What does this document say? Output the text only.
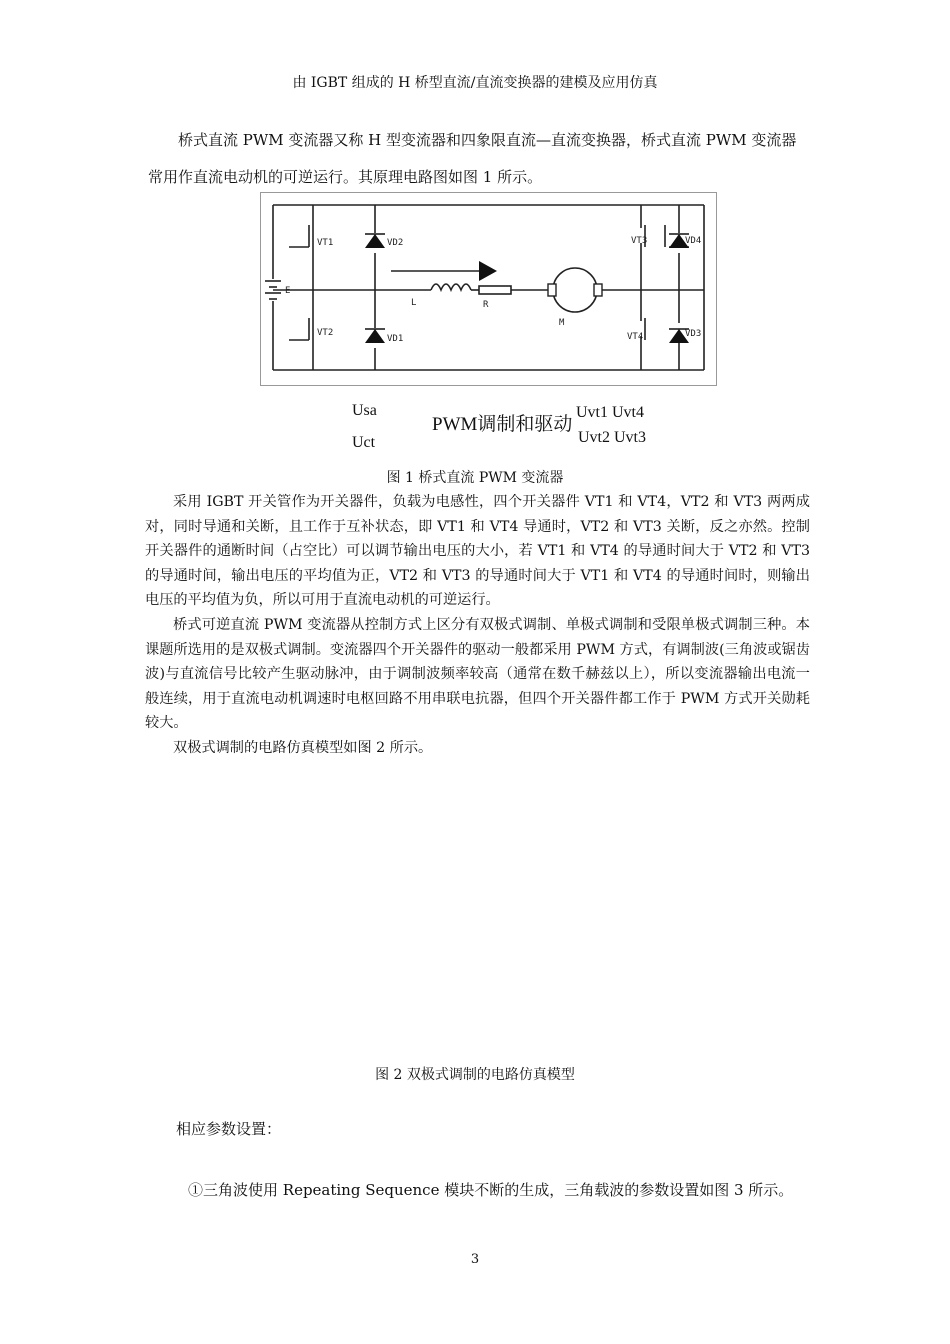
由 IGBT 组成的 H 桥型直流/直流变换器的建模及应用仿真
桥式直流 PWM 变流器又称 H 型变流器和四象限直流—直流变换器，桥式直流 PWM 变流器常用作直流电动机的可逆运行。其原理电路图如图 1 所示。
VT1
VT2
VT3
VT4
VD2
VD1
VD4
VD3
E
L	R
M
Usa
Uct
PWM调制和驱动
Uvt1 Uvt4
Uvt2 Uvt3
图 1 桥式直流 PWM 变流器

采用 IGBT 开关管作为开关器件，负载为电感性，四个开关器件 VT1 和 VT4，VT2 和 VT3 两两成对，同时导通和关断，且工作于互补状态，即 VT1 和 VT4 导通时，VT2 和 VT3 关断，反之亦然。控制开关器件的通断时间（占空比）可以调节输出电压的大小，若 VT1 和 VT4 的导通时间大于 VT2 和 VT3 的导通时间，输出电压的平均值为正，VT2 和 VT3 的导通时间大于 VT1 和 VT4 的导通时间时，则输出电压的平均值为负，所以可用于直流电动机的可逆运行。

桥式可逆直流 PWM 变流器从控制方式上区分有双极式调制、单极式调制和受限单极式调制三种。本课题所选用的是双极式调制。变流器四个开关器件的驱动一般都采用 PWM 方式，有调制波(三角波或锯齿波)与直流信号比较产生驱动脉冲，由于调制波频率较高（通常在数千赫兹以上），所以变流器输出电流一般连续，用于直流电动机调速时电枢回路不用串联电抗器，但四个开关器件都工作于 PWM 方式开关勋耗较大。

双极式调制的电路仿真模型如图 2 所示。

图 2 双极式调制的电路仿真模型
相应参数设置：
①三角波使用 Repeating Sequence 模块不断的生成，三角载波的参数设置如图 3 所示。
3
